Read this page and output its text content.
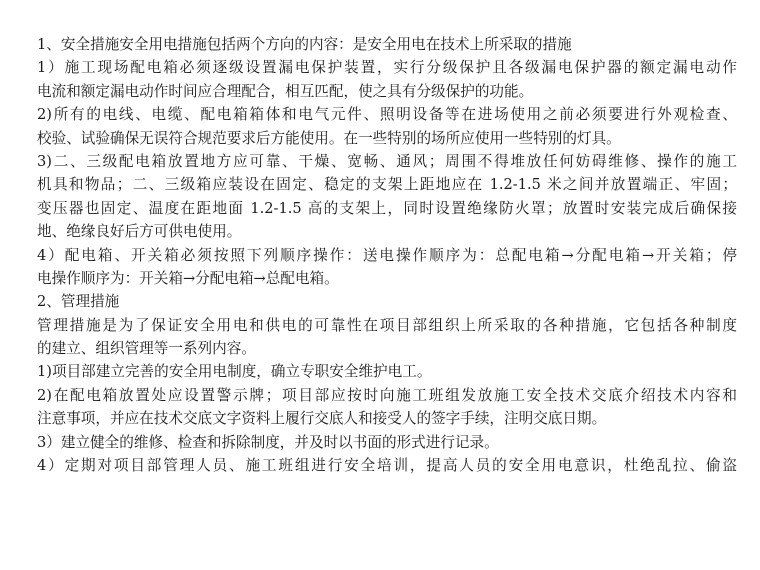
1、安全措施安全用电措施包括两个方向的内容：是安全用电在技术上所采取的措施
1）施工现场配电箱必须逐级设置漏电保护装置，实行分级保护且各级漏电保护器的额定漏电动作
电流和额定漏电动作时间应合理配合，相互匹配，使之具有分级保护的功能。
2)所有的电线、电缆、配电箱箱体和电气元件、照明设备等在进场使用之前必须要进行外观检查、
校验、试验确保无误符合规范要求后方能使用。在一些特别的场所应使用一些特别的灯具。
3)二、三级配电箱放置地方应可靠、干燥、宽畅、通风；周围不得堆放任何妨碍维修、操作的施工
机具和物品；二、三级箱应装设在固定、稳定的支架上距地应在 1.2-1.5 米之间并放置端正、牢固；
变压器也固定、温度在距地面 1.2-1.5 高的支架上，同时设置绝缘防火罩；放置时安装完成后确保接
地、绝缘良好后方可供电使用。
4）配电箱、开关箱必须按照下列顺序操作：送电操作顺序为：总配电箱→分配电箱→开关箱；停
电操作顺序为：开关箱→分配电箱→总配电箱。
2、管理措施
管理措施是为了保证安全用电和供电的可靠性在项目部组织上所采取的各种措施，它包括各种制度
的建立、组织管理等一系列内容。
1)项目部建立完善的安全用电制度，确立专职安全维护电工。
2)在配电箱放置处应设置警示牌；项目部应按时向施工班组发放施工安全技术交底介绍技术内容和
注意事项，并应在技术交底文字资料上履行交底人和接受人的签字手续，注明交底日期。
3）建立健全的维修、检查和拆除制度，并及时以书面的形式进行记录。
4）定期对项目部管理人员、施工班组进行安全培训，提高人员的安全用电意识，杜绝乱拉、偷盗
